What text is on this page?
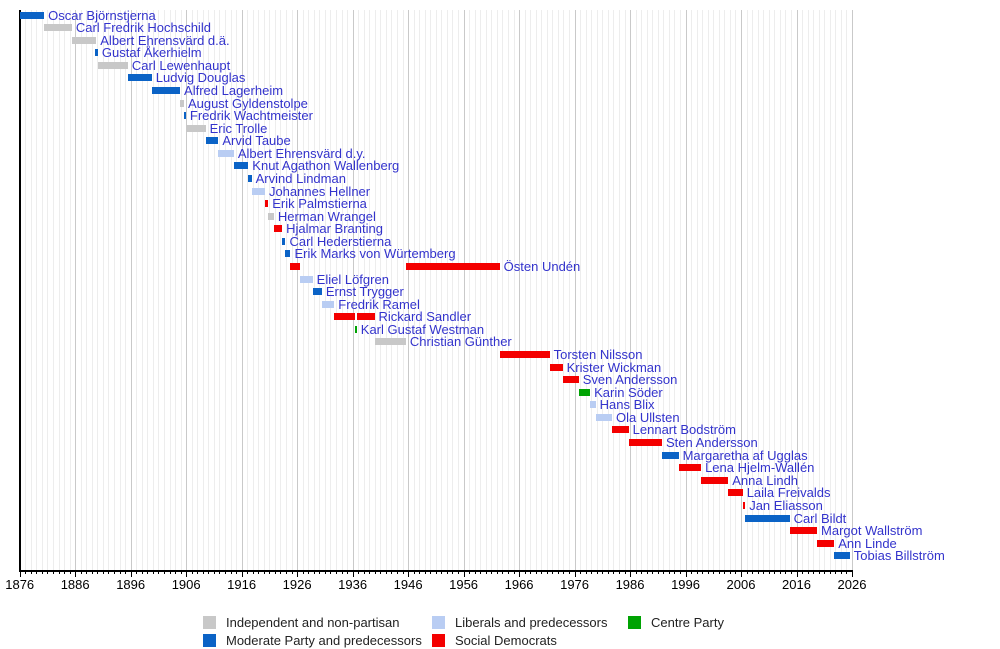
Oscar Björnstjerna
Carl Fredrik Hochschild
Albert Ehrensvärd d.ä.
Gustaf Åkerhielm
Carl Lewenhaupt
Ludvig Douglas
Alfred Lagerheim
August Gyldenstolpe
Fredrik Wachtmeister
Eric Trolle
Arvid Taube
Albert Ehrensvärd d.y.
Knut Agathon Wallenberg
Arvind Lindman
Johannes Hellner
Erik Palmstierna
Herman Wrangel
Hjalmar Branting
Carl Hederstierna
Erik Marks von Würtemberg
Östen Undén
Eliel Löfgren
Ernst Trygger
Fredrik Ramel
Rickard Sandler
Karl Gustaf Westman
Christian Günther
Torsten Nilsson
Krister Wickman
Sven Andersson
Karin Söder
Hans Blix
Ola Ullsten
Lennart Bodström
Sten Andersson
Margaretha af Ugglas
Lena Hjelm-Wallén
Anna Lindh
Laila Freivalds
Jan Eliasson
Carl Bildt
Margot Wallström
Ann Linde
Tobias Billström
1876	1886	1896	1906	1916	1926	1936	1946	1956	1966	1976	1986	1996	2006	2016	2026
Independent and non-partisan
Moderate Party and predecessors
Liberals and predecessors
Social Democrats
Centre Party
